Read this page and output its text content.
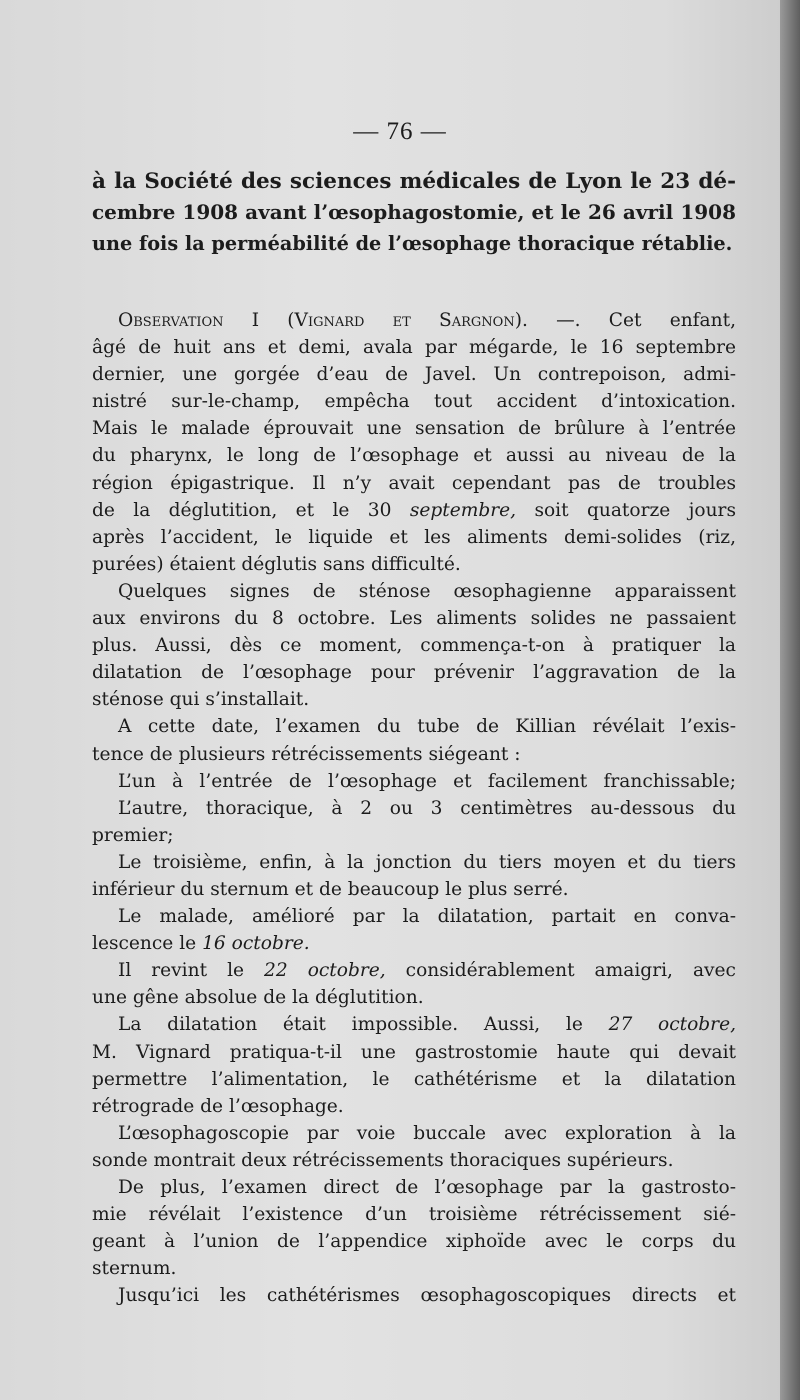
— 76 —
à la Société des sciences médicales de Lyon le 23 dé-
cembre 1908 avant l’œsophagostomie, et le 26 avril 1908
une fois la perméabilité de l’œsophage thoracique rétablie.
Observation I (Vignard et Sargnon). —. Cet enfant,
âgé de huit ans et demi, avala par mégarde, le 16 septembre
dernier, une gorgée d’eau de Javel. Un contrepoison, admi-
nistré sur-le-champ, empêcha tout accident d’intoxication.
Mais le malade éprouvait une sensation de brûlure à l’entrée
du pharynx, le long de l’œsophage et aussi au niveau de la
région épigastrique. Il n’y avait cependant pas de troubles
de la déglutition, et le 30 septembre, soit quatorze jours
après l’accident, le liquide et les aliments demi-solides (riz,
purées) étaient déglutis sans difficulté.
Quelques signes de sténose œsophagienne apparaissent
aux environs du 8 octobre. Les aliments solides ne passaient
plus. Aussi, dès ce moment, commença-t-on à pratiquer la
dilatation de l’œsophage pour prévenir l’aggravation de la
sténose qui s’installait.
A cette date, l’examen du tube de Killian révélait l’exis-
tence de plusieurs rétrécissements siégeant :
L’un à l’entrée de l’œsophage et facilement franchissable;
L’autre, thoracique, à 2 ou 3 centimètres au-dessous du
premier;
Le troisième, enfin, à la jonction du tiers moyen et du tiers
inférieur du sternum et de beaucoup le plus serré.
Le malade, amélioré par la dilatation, partait en conva-
lescence le 16 octobre.
Il revint le 22 octobre, considérablement amaigri, avec
une gêne absolue de la déglutition.
La dilatation était impossible. Aussi, le 27 octobre,
M. Vignard pratiqua-t-il une gastrostomie haute qui devait
permettre l’alimentation, le cathétérisme et la dilatation
rétrograde de l’œsophage.
L’œsophagoscopie par voie buccale avec exploration à la
sonde montrait deux rétrécissements thoraciques supérieurs.
De plus, l’examen direct de l’œsophage par la gastrosto-
mie révélait l’existence d’un troisième rétrécissement sié-
geant à l’union de l’appendice xiphoïde avec le corps du
sternum.
Jusqu’ici les cathétérismes œsophagoscopiques directs et
